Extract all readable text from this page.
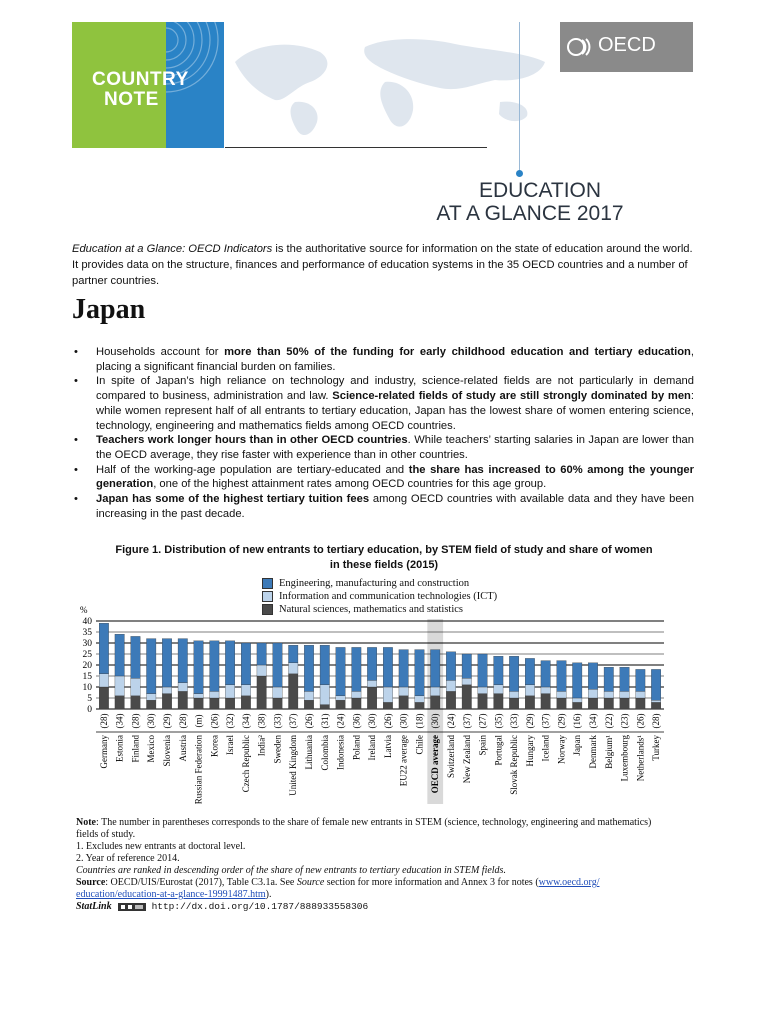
COUNTRY
NOTE
OECD
EDUCATION
AT A GLANCE 2017
Education at a Glance: OECD Indicators is the authoritative source for information on the state of education around the world. It provides data on the structure, finances and performance of education systems in the 35 OECD countries and a number of partner countries.
Japan
• Households account for more than 50% of the funding for early childhood education and tertiary education, placing a significant financial burden on families.
• In spite of Japan’s high reliance on technology and industry, science-related fields are not particularly in demand compared to business, administration and law. Science-related fields of study are still strongly dominated by men: while women represent half of all entrants to tertiary education, Japan has the lowest share of women entering science, technology, engineering and mathematics fields among OECD countries.
• Teachers work longer hours than in other OECD countries. While teachers’ starting salaries in Japan are lower than the OECD average, they rise faster with experience than in other countries.
• Half of the working-age population are tertiary-educated and the share has increased to 60% among the younger generation, one of the highest attainment rates among OECD countries for this age group.
• Japan has some of the highest tertiary tuition fees among OECD countries with available data and they have been increasing in the past decade.
Figure 1. Distribution of new entrants to tertiary education, by STEM field of study and share of women in these fields (2015)
Engineering, manufacturing and construction
Information and communication technologies (ICT)
Natural sciences, mathematics and statistics
%
0
5
10
15
20
25
30
35
40
(28)
Germany
(34)
Estonia
(28)
Finland
(30)
Mexico
(29)
Slovenia
(28)
Austria
(m)
Russian Federation
(26)
Korea
(32)
Israel
(34)
Czech Republic
(38)
India²
(33)
Sweden
(37)
United Kingdom
(26)
Lithuania
(31)
Colombia
(24)
Indonesia
(36)
Poland
(30)
Ireland
(26)
Latvia
(30)
EU22 average
(18)
Chile
(30)
OECD average
(24)
Switzerland
(37)
New Zealand
(27)
Spain
(35)
Portugal
(33)
Slovak Republic
(29)
Hungary
(37)
Iceland
(29)
Norway
(16)
Japan
(34)
Denmark
(22)
Belgium¹
(23)
Luxembourg
(26)
Netherlands¹
(28)
Turkey
Note: The number in parentheses corresponds to the share of female new entrants in STEM (science, technology, engineering and mathematics) fields of study.
1. Excludes new entrants at doctoral level.
2. Year of reference 2014.
Countries are ranked in descending order of the share of new entrants to tertiary education in STEM fields.
Source: OECD/UIS/Eurostat (2017), Table C3.1a. See Source section for more information and Annex 3 for notes (www.oecd.org/
education/education-at-a-glance-19991487.htm).
StatLink	http://dx.doi.org/10.1787/888933558306
